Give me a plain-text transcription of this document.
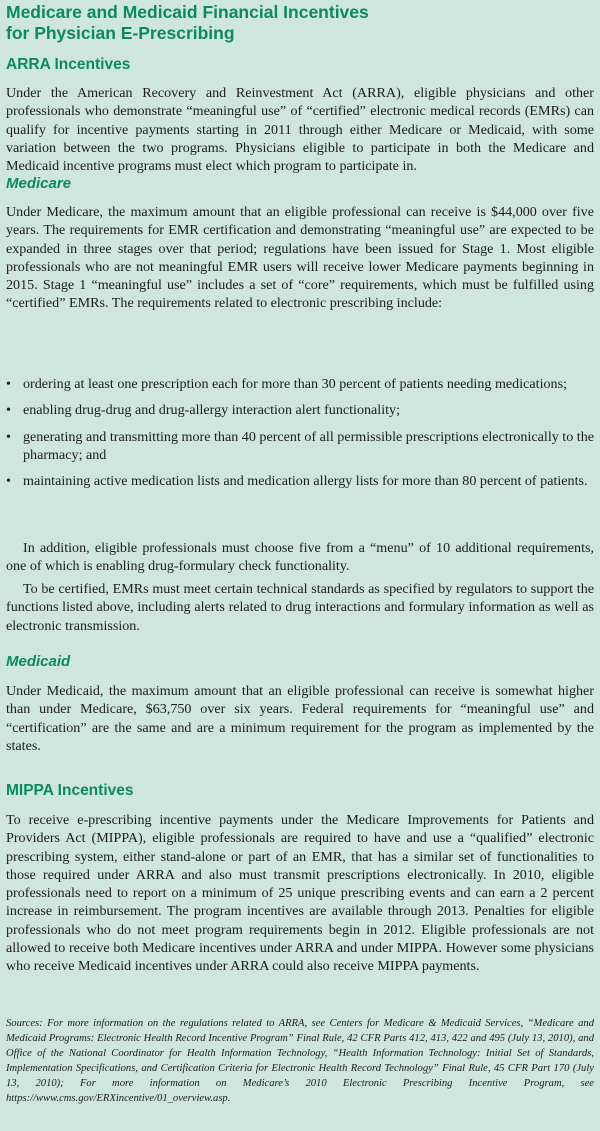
Medicare and Medicaid Financial Incentives
for Physician E-Prescribing
ARRA Incentives

Under the American Recovery and Reinvestment Act (ARRA), eligible physicians and other professionals who demonstrate “meaningful use” of “certified” electronic medical records (EMRs) can qualify for incentive payments starting in 2011 through either Medicare or Medicaid, with some variation between the two programs. Physicians eligible to participate in both the Medicare and Medicaid incentive programs must elect which program to participate in.

Medicare

Under Medicare, the maximum amount that an eligible professional can receive is $44,000 over five years. The requirements for EMR certification and demonstrating “meaningful use” are expected to be expanded in three stages over that period; regulations have been issued for Stage 1. Most eligible professionals who are not meaningful EMR users will receive lower Medicare payments beginning in 2015. Stage 1 “meaningful use” includes a set of “core” requirements, which must be fulfilled using “certified” EMRs. The requirements related to electronic prescribing include:

• ordering at least one prescription each for more than 30 percent of patients needing medications;
• enabling drug-drug and drug-allergy interaction alert functionality;
• generating and transmitting more than 40 percent of all permissible prescriptions electronically to the pharmacy; and
• maintaining active medication lists and medication allergy lists for more than 80 percent of patients.

In addition, eligible professionals must choose five from a “menu” of 10 additional requirements, one of which is enabling drug-formulary check functionality.

To be certified, EMRs must meet certain technical standards as specified by regulators to support the functions listed above, including alerts related to drug interactions and formulary information as well as electronic transmission.

Medicaid

Under Medicaid, the maximum amount that an eligible professional can receive is somewhat higher than under Medicare, $63,750 over six years. Federal requirements for “meaningful use” and “certification” are the same and are a minimum requirement for the program as implemented by the states.

MIPPA Incentives

To receive e-prescribing incentive payments under the Medicare Improvements for Patients and Providers Act (MIPPA), eligible professionals are required to have and use a “qualified” electronic prescribing system, either stand-alone or part of an EMR, that has a similar set of functionalities to those required under ARRA and also must transmit prescriptions electronically. In 2010, eligible professionals need to report on a minimum of 25 unique prescribing events and can earn a 2 percent increase in reimbursement. The program incentives are available through 2013. Penalties for eligible professionals who do not meet program requirements begin in 2012. Eligible professionals are not allowed to receive both Medicare incentives under ARRA and under MIPPA. However some physicians who receive Medicaid incentives under ARRA could also receive MIPPA payments.

Sources: For more information on the regulations related to ARRA, see Centers for Medicare & Medicaid Services, “Medicare and Medicaid Programs: Electronic Health Record Incentive Program” Final Rule, 42 CFR Parts 412, 413, 422 and 495 (July 13, 2010), and Office of the National Coordinator for Health Information Technology, “Health Information Technology: Initial Set of Standards, Implementation Specifications, and Certification Criteria for Electronic Health Record Technology” Final Rule, 45 CFR Part 170 (July 13, 2010); For more information on Medicare’s 2010 Electronic Prescribing Incentive Program, see https://www.cms.gov/ERXincentive/01_overview.asp.
